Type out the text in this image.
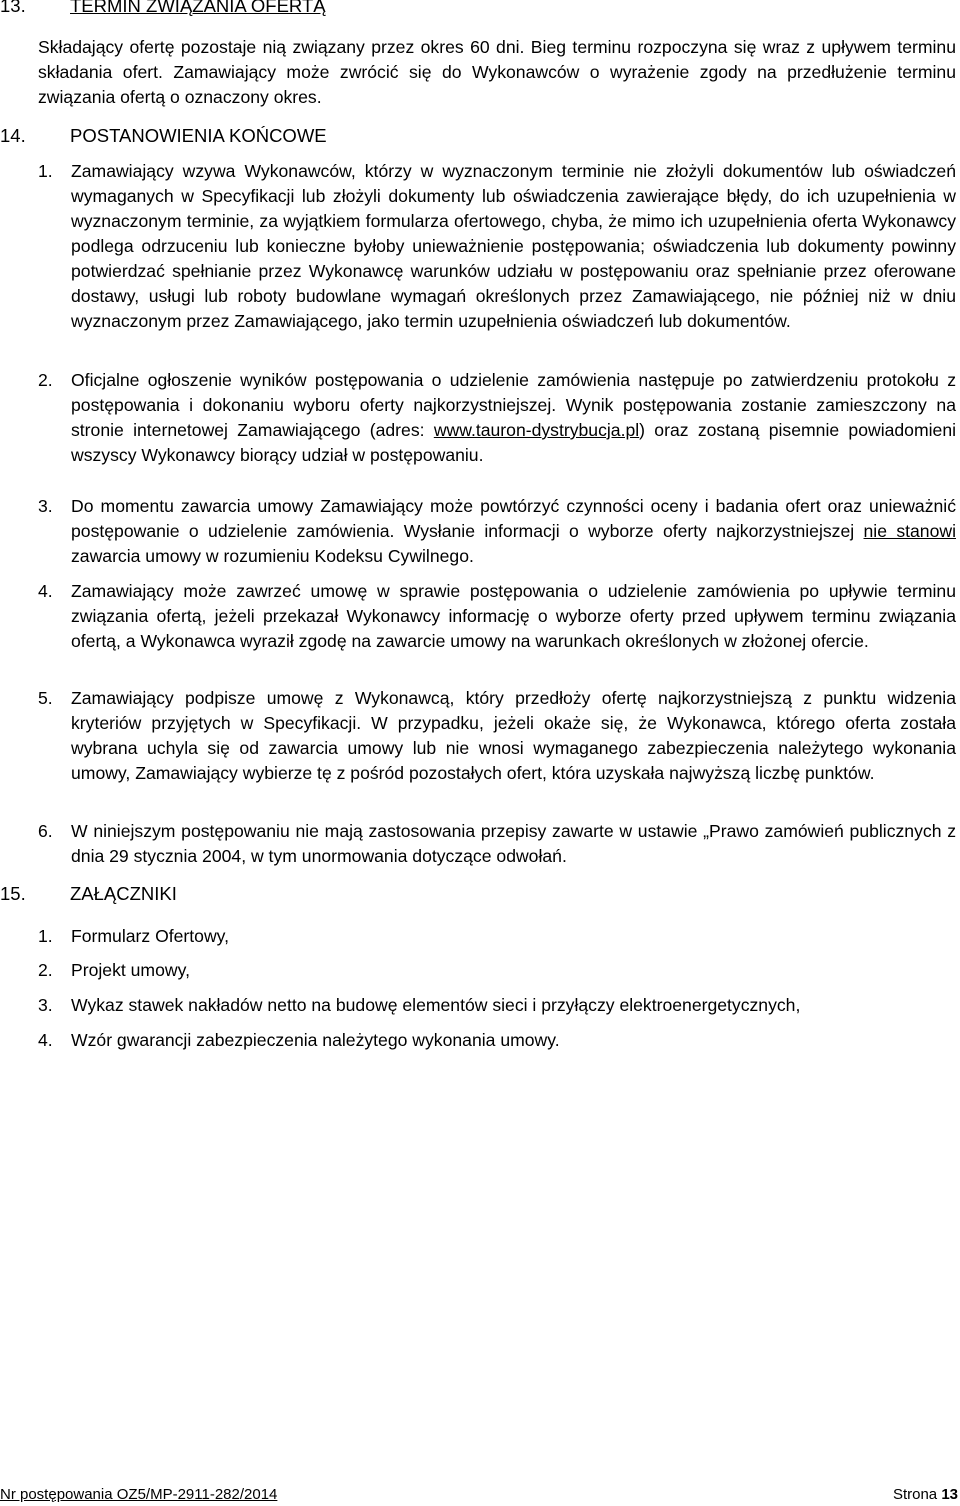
13. TERMIN ZWIĄZANIA OFERTĄ
Składający ofertę pozostaje nią związany przez okres 60 dni. Bieg terminu rozpoczyna się wraz z upływem terminu składania ofert. Zamawiający może zwrócić się do Wykonawców o wyrażenie zgody na przedłużenie terminu związania ofertą o oznaczony okres.
14. POSTANOWIENIA KOŃCOWE
1. Zamawiający wzywa Wykonawców, którzy w wyznaczonym terminie nie złożyli dokumentów lub oświadczeń wymaganych w Specyfikacji lub złożyli dokumenty lub oświadczenia zawierające błędy, do ich uzupełnienia w wyznaczonym terminie, za wyjątkiem formularza ofertowego, chyba, że mimo ich uzupełnienia oferta Wykonawcy podlega odrzuceniu lub konieczne byłoby unieważnienie postępowania; oświadczenia lub dokumenty powinny potwierdzać spełnianie przez Wykonawcę warunków udziału w postępowaniu oraz spełnianie przez oferowane dostawy, usługi lub roboty budowlane wymagań określonych przez Zamawiającego, nie później niż w dniu wyznaczonym przez Zamawiającego, jako termin uzupełnienia oświadczeń lub dokumentów.
2. Oficjalne ogłoszenie wyników postępowania o udzielenie zamówienia następuje po zatwierdzeniu protokołu z postępowania i dokonaniu wyboru oferty najkorzystniejszej. Wynik postępowania zostanie zamieszczony na stronie internetowej Zamawiającego (adres: www.tauron-dystrybucja.pl) oraz zostaną pisemnie powiadomieni wszyscy Wykonawcy biorący udział w postępowaniu.
3. Do momentu zawarcia umowy Zamawiający może powtórzyć czynności oceny i badania ofert oraz unieważnić postępowanie o udzielenie zamówienia. Wysłanie informacji o wyborze oferty najkorzystniejszej nie stanowi zawarcia umowy w rozumieniu Kodeksu Cywilnego.
4. Zamawiający może zawrzeć umowę w sprawie postępowania o udzielenie zamówienia po upływie terminu związania ofertą, jeżeli przekazał Wykonawcy informację o wyborze oferty przed upływem terminu związania ofertą, a Wykonawca wyraził zgodę na zawarcie umowy na warunkach określonych w złożonej ofercie.
5. Zamawiający podpisze umowę z Wykonawcą, który przedłoży ofertę najkorzystniejszą z punktu widzenia kryteriów przyjętych w Specyfikacji. W przypadku, jeżeli okaże się, że Wykonawca, którego oferta została wybrana uchyla się od zawarcia umowy lub nie wnosi wymaganego zabezpieczenia należytego wykonania umowy, Zamawiający wybierze tę z pośród pozostałych ofert, która uzyskała najwyższą liczbę punktów.
6. W niniejszym postępowaniu nie mają zastosowania przepisy zawarte w ustawie „Prawo zamówień publicznych z dnia 29 stycznia 2004, w tym unormowania dotyczące odwołań.
15. ZAŁĄCZNIKI
1. Formularz Ofertowy,
2. Projekt umowy,
3. Wykaz stawek nakładów netto na budowę elementów sieci i przyłączy elektroenergetycznych,
4. Wzór gwarancji zabezpieczenia należytego wykonania umowy.
Nr postępowania OZ5/MP-2911-282/2014	Strona 13
